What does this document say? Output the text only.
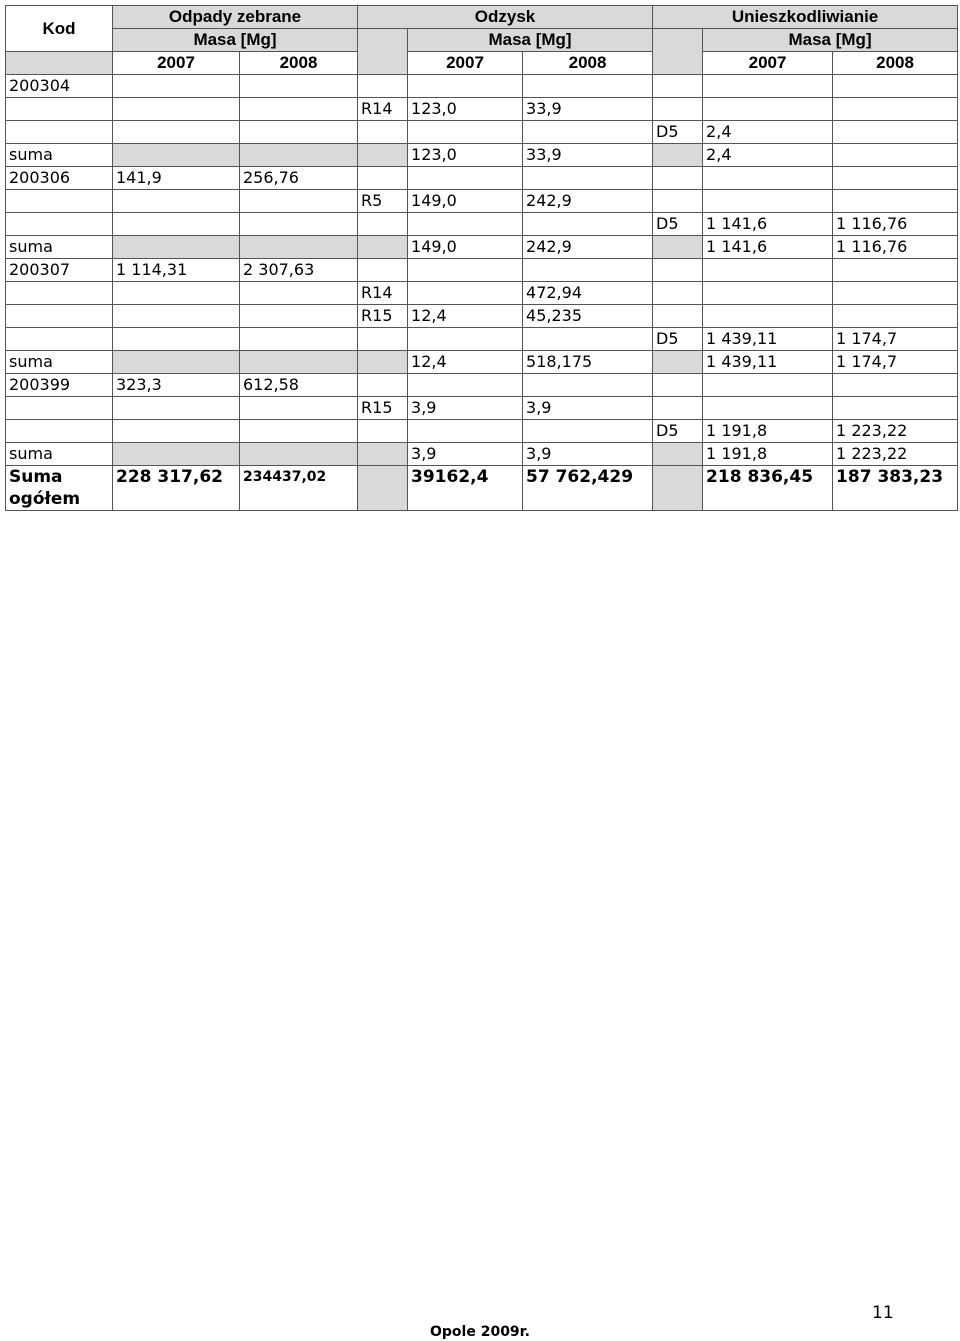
Kod	Odpady zebrane		Odzysk			Unieszkodliwianie		
	Masa [Mg]			Masa [Mg]			Masa [Mg]	
	2007	2008		2007	2008		2007	2008
200304								
			R14	123,0	33,9			
						D5	2,4	
suma				123,0	33,9		2,4	
200306	141,9	256,76						
			R5	149,0	242,9			
						D5	1 141,6	1 116,76
suma				149,0	242,9		1 141,6	1 116,76
200307	1 114,31	2 307,63						
			R14		472,94			
			R15	12,4	45,235			
						D5	1 439,11	1 174,7
suma				12,4	518,175		1 439,11	1 174,7
200399	323,3	612,58						
			R15	3,9	3,9			
						D5	1 191,8	1 223,22
suma				3,9	3,9		1 191,8	1 223,22
Suma
ogółem	228 317,62	234437,02		39162,4	57 762,429		218 836,45	187 383,23
11
Opole 2009r.
